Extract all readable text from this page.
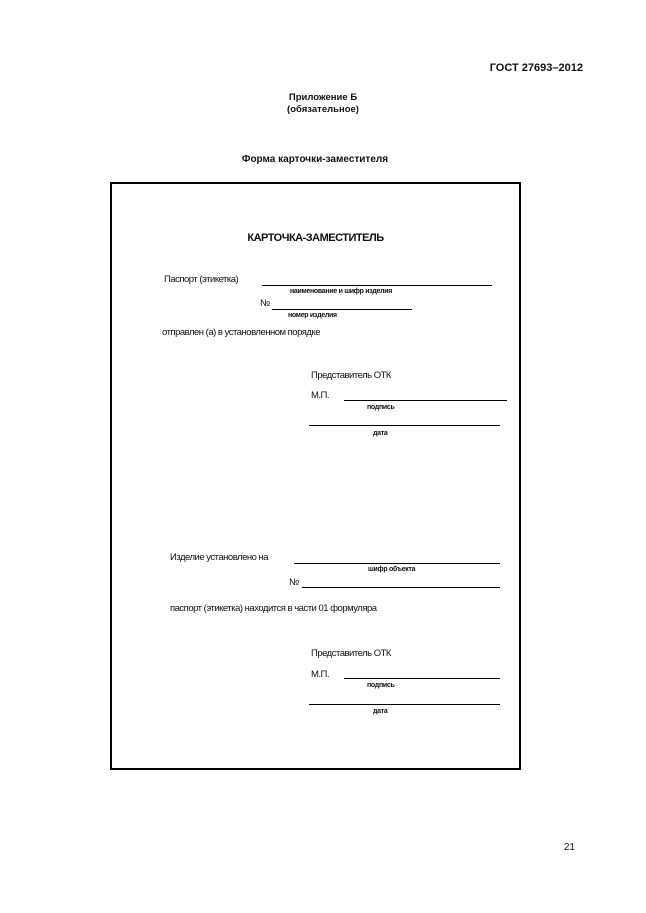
ГОСТ 27693–2012
Приложение Б
(обязательное)
Форма карточки-заместителя
КАРТОЧКА-ЗАМЕСТИТЕЛЬ
Паспорт (этикетка)
наименование и шифр изделия
№
номер изделия
отправлен (а) в установленном порядке
Представитель ОТК
М.П.
подпись
дата
Изделие установлено на
шифр объекта
№
паспорт (этикетка) находится в части 01 формуляра
Представитель ОТК
М.П.
подпись
дата
21
